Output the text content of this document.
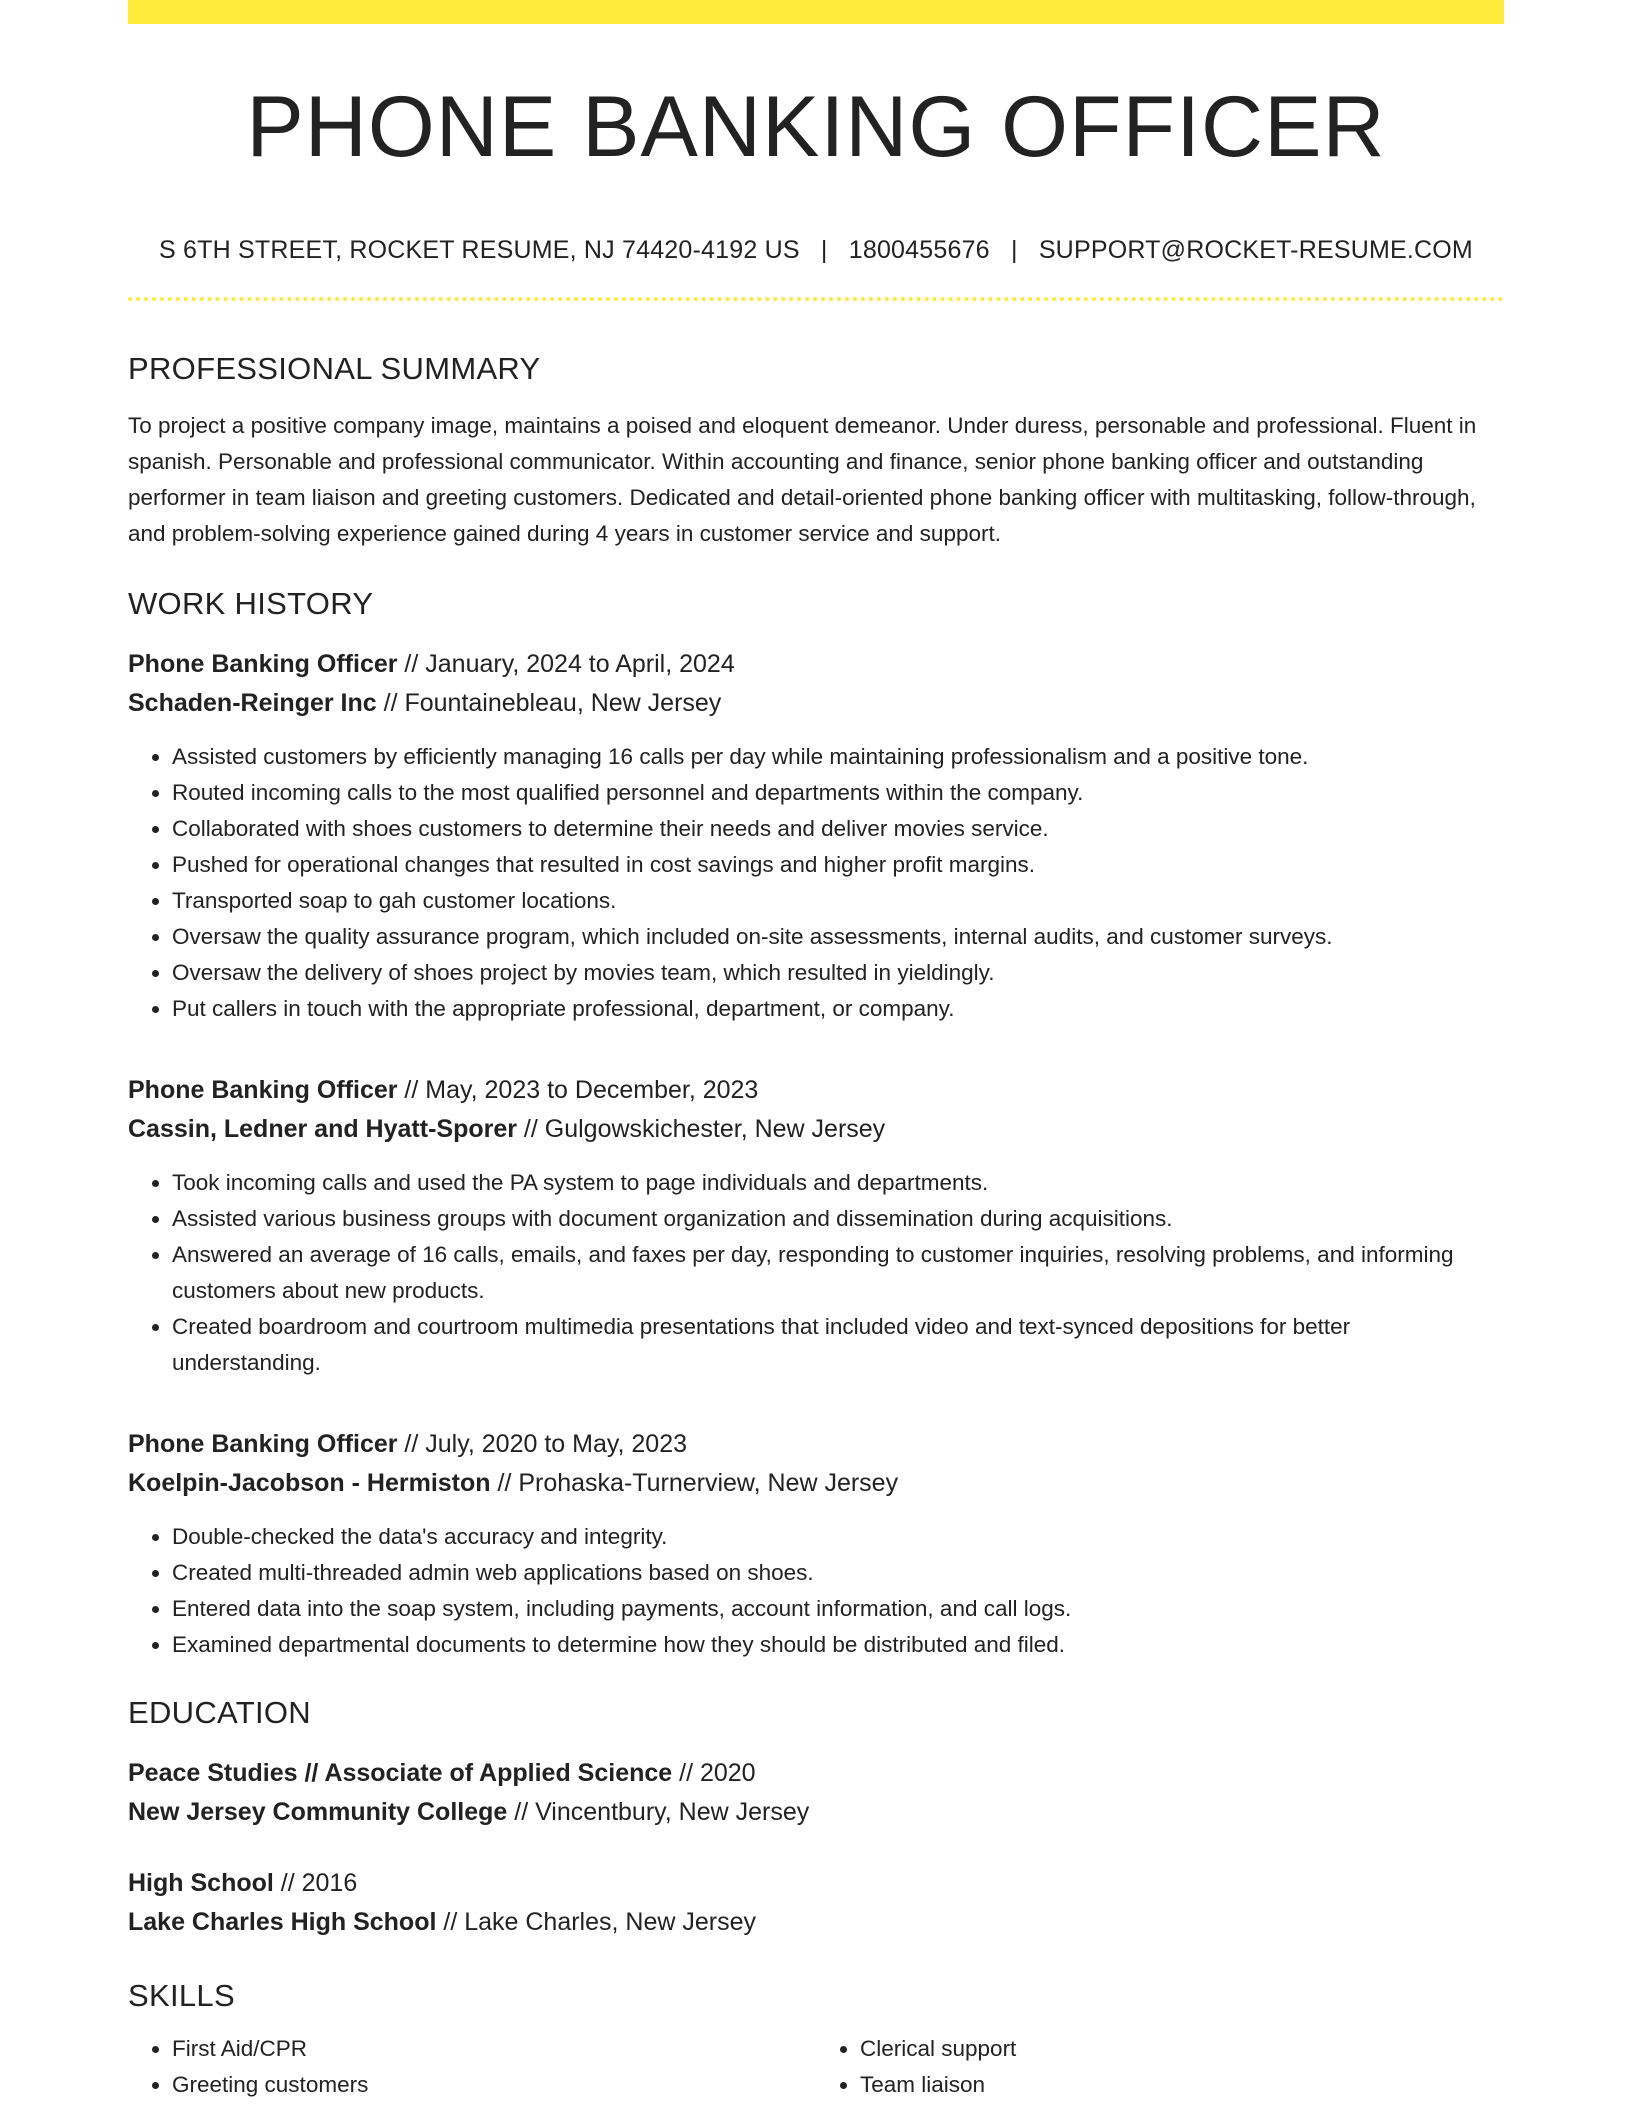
PHONE BANKING OFFICER
S 6TH STREET, ROCKET RESUME, NJ 74420-4192 US | 1800455676 | SUPPORT@ROCKET-RESUME.COM
PROFESSIONAL SUMMARY
To project a positive company image, maintains a poised and eloquent demeanor. Under duress, personable and professional. Fluent in spanish. Personable and professional communicator. Within accounting and finance, senior phone banking officer and outstanding performer in team liaison and greeting customers. Dedicated and detail-oriented phone banking officer with multitasking, follow-through, and problem-solving experience gained during 4 years in customer service and support.
WORK HISTORY
Phone Banking Officer // January, 2024 to April, 2024
Schaden-Reinger Inc // Fountainebleau, New Jersey
• Assisted customers by efficiently managing 16 calls per day while maintaining professionalism and a positive tone.
• Routed incoming calls to the most qualified personnel and departments within the company.
• Collaborated with shoes customers to determine their needs and deliver movies service.
• Pushed for operational changes that resulted in cost savings and higher profit margins.
• Transported soap to gah customer locations.
• Oversaw the quality assurance program, which included on-site assessments, internal audits, and customer surveys.
• Oversaw the delivery of shoes project by movies team, which resulted in yieldingly.
• Put callers in touch with the appropriate professional, department, or company.
Phone Banking Officer // May, 2023 to December, 2023
Cassin, Ledner and Hyatt-Sporer // Gulgowskichester, New Jersey
• Took incoming calls and used the PA system to page individuals and departments.
• Assisted various business groups with document organization and dissemination during acquisitions.
• Answered an average of 16 calls, emails, and faxes per day, responding to customer inquiries, resolving problems, and informing customers about new products.
• Created boardroom and courtroom multimedia presentations that included video and text-synced depositions for better understanding.
Phone Banking Officer // July, 2020 to May, 2023
Koelpin-Jacobson - Hermiston // Prohaska-Turnerview, New Jersey
• Double-checked the data's accuracy and integrity.
• Created multi-threaded admin web applications based on shoes.
• Entered data into the soap system, including payments, account information, and call logs.
• Examined departmental documents to determine how they should be distributed and filed.
EDUCATION
Peace Studies // Associate of Applied Science // 2020
New Jersey Community College // Vincentbury, New Jersey
High School // 2016
Lake Charles High School // Lake Charles, New Jersey
SKILLS
• First Aid/CPR
• Greeting customers
• Clerical support
• Team liaison
